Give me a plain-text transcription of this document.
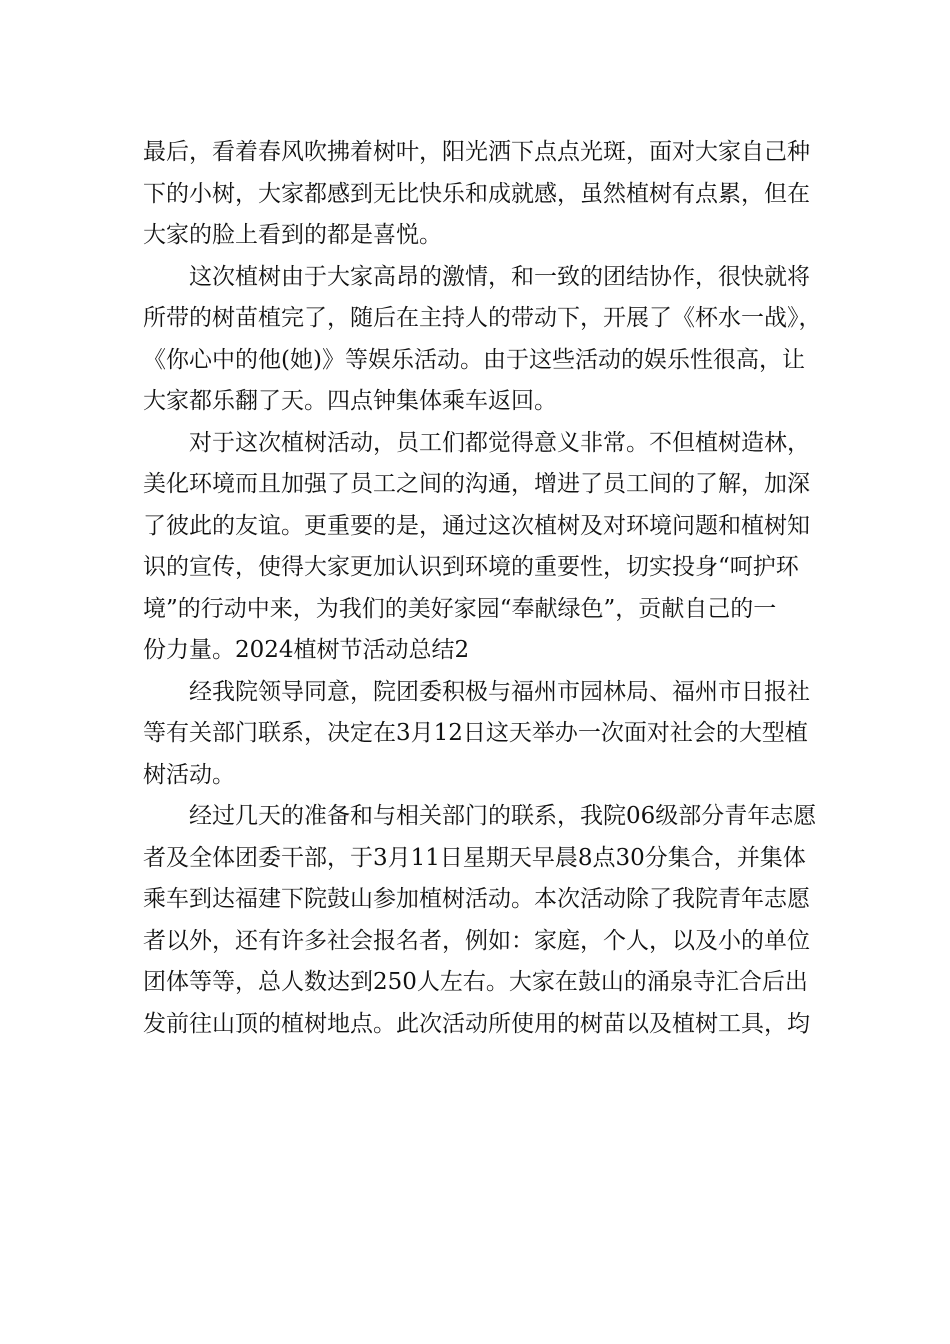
最后，看着春风吹拂着树叶，阳光洒下点点光斑，面对大家自己种
下的小树，大家都感到无比快乐和成就感，虽然植树有点累，但在
大家的脸上看到的都是喜悦。

这次植树由于大家高昂的激情，和一致的团结协作，很快就将
所带的树苗植完了，随后在主持人的带动下，开展了《杯水一战》，
《你心中的他(她)》等娱乐活动。由于这些活动的娱乐性很高，让
大家都乐翻了天。四点钟集体乘车返回。

对于这次植树活动，员工们都觉得意义非常。不但植树造林，
美化环境而且加强了员工之间的沟通，增进了员工间的了解，加深
了彼此的友谊。更重要的是，通过这次植树及对环境问题和植树知
识的宣传，使得大家更加认识到环境的重要性，切实投身“呵护环
境”的行动中来，为我们的美好家园“奉献绿色”，贡献自己的一
份力量。2024植树节活动总结2

经我院领导同意，院团委积极与福州市园林局、福州市日报社
等有关部门联系，决定在3月12日这天举办一次面对社会的大型植
树活动。

经过几天的准备和与相关部门的联系，我院06级部分青年志愿
者及全体团委干部，于3月11日星期天早晨8点30分集合，并集体
乘车到达福建下院鼓山参加植树活动。本次活动除了我院青年志愿
者以外，还有许多社会报名者，例如：家庭，个人，以及小的单位
团体等等，总人数达到250人左右。大家在鼓山的涌泉寺汇合后出
发前往山顶的植树地点。此次活动所使用的树苗以及植树工具，均
